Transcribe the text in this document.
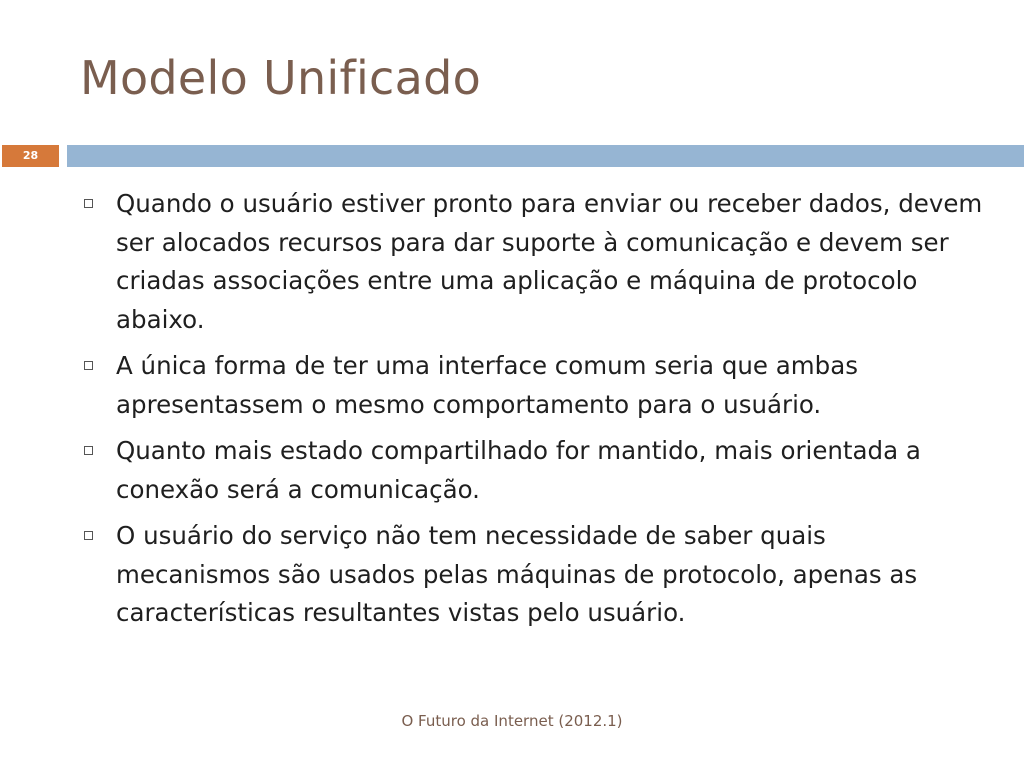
Modelo Unificado
28
Quando o usuário estiver pronto para enviar ou receber dados, devem ser alocados recursos para dar suporte à comunicação e devem ser criadas associações entre uma aplicação e máquina de protocolo abaixo.
A única forma de ter uma interface comum seria que ambas apresentassem o mesmo comportamento para o usuário.
Quanto mais estado compartilhado for mantido, mais orientada a conexão será a comunicação.
O usuário do serviço não tem necessidade de saber quais mecanismos são usados pelas máquinas de protocolo, apenas as características resultantes vistas pelo usuário.
O Futuro da Internet (2012.1)
